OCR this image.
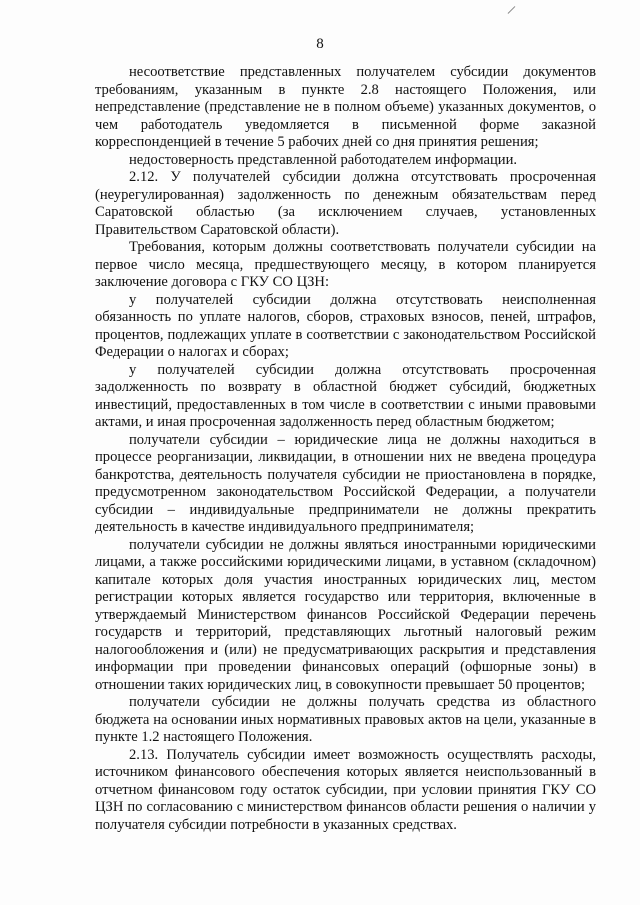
8

несоответствие представленных получателем субсидии документов требованиям, указанным в пункте 2.8 настоящего Положения, или непредставление (представление не в полном объеме) указанных документов, о чем работодатель уведомляется в письменной форме заказной корреспонденцией в течение 5 рабочих дней со дня принятия решения;

недостоверность представленной работодателем информации.

2.12. У получателей субсидии должна отсутствовать просроченная (неурегулированная) задолженность по денежным обязательствам перед Саратовской областью (за исключением случаев, установленных Правительством Саратовской области).

Требования, которым должны соответствовать получатели субсидии на первое число месяца, предшествующего месяцу, в котором планируется заключение договора с ГКУ СО ЦЗН:

у получателей субсидии должна отсутствовать неисполненная обязанность по уплате налогов, сборов, страховых взносов, пеней, штрафов, процентов, подлежащих уплате в соответствии с законодательством Российской Федерации о налогах и сборах;

у получателей субсидии должна отсутствовать просроченная задолженность по возврату в областной бюджет субсидий, бюджетных инвестиций, предоставленных в том числе в соответствии с иными правовыми актами, и иная просроченная задолженность перед областным бюджетом;

получатели субсидии – юридические лица не должны находиться в процессе реорганизации, ликвидации, в отношении них не введена процедура банкротства, деятельность получателя субсидии не приостановлена в порядке, предусмотренном законодательством Российской Федерации, а получатели субсидии – индивидуальные предприниматели не должны прекратить деятельность в качестве индивидуального предпринимателя;

получатели субсидии не должны являться иностранными юридическими лицами, а также российскими юридическими лицами, в уставном (складочном) капитале которых доля участия иностранных юридических лиц, местом регистрации которых является государство или территория, включенные в утверждаемый Министерством финансов Российской Федерации перечень государств и территорий, представляющих льготный налоговый режим налогообложения и (или) не предусматривающих раскрытия и представления информации при проведении финансовых операций (офшорные зоны) в отношении таких юридических лиц, в совокупности превышает 50 процентов;

получатели субсидии не должны получать средства из областного бюджета на основании иных нормативных правовых актов на цели, указанные в пункте 1.2 настоящего Положения.

2.13. Получатель субсидии имеет возможность осуществлять расходы, источником финансового обеспечения которых является неиспользованный в отчетном финансовом году остаток субсидии, при условии принятия ГКУ СО ЦЗН по согласованию с министерством финансов области решения о наличии у получателя субсидии потребности в указанных средствах.
